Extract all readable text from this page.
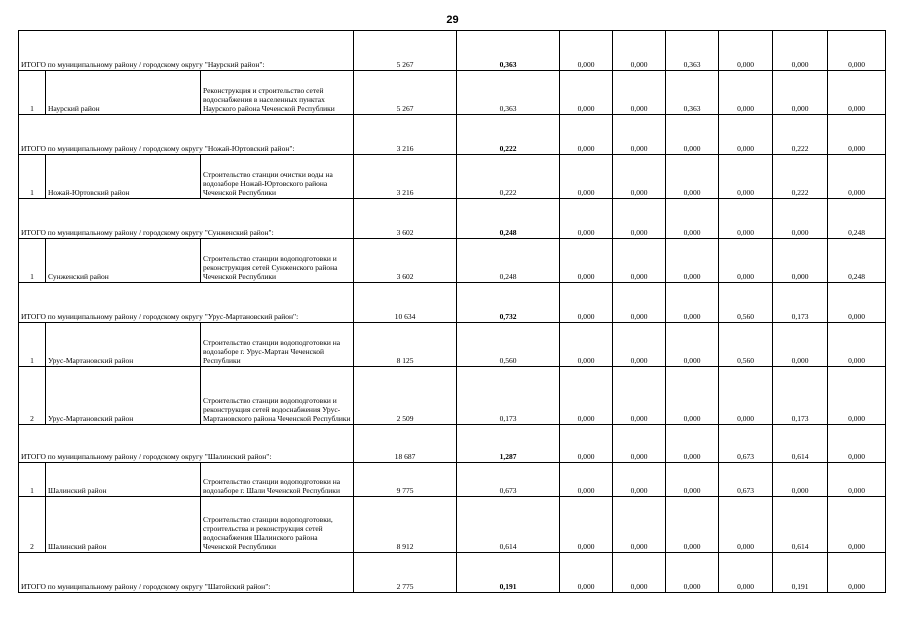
29
ИТОГО по муниципальному району / городскому округу "Наурский район":			5 267	0,363	0,000	0,000	0,363	0,000	0,000	0,000
1	Наурский район	Реконструкция и строительство сетей водоснабжения в населенных пунктах Наурского района Чеченской Республики	5 267	0,363	0,000	0,000	0,363	0,000	0,000	0,000
ИТОГО по муниципальному району / городскому округу "Ножай-Юртовский район":			3 216	0,222	0,000	0,000	0,000	0,000	0,222	0,000
1	Ножай-Юртовский район	Строительство станции очистки воды на водозаборе Ножай-Юртовского района Чеченской Республики	3 216	0,222	0,000	0,000	0,000	0,000	0,222	0,000
ИТОГО по муниципальному району / городскому округу "Сунженский район":			3 602	0,248	0,000	0,000	0,000	0,000	0,000	0,248
1	Сунженский район	Строительство станции водоподготовки и реконструкция сетей Сунженского района Чеченской Республики	3 602	0,248	0,000	0,000	0,000	0,000	0,000	0,248
ИТОГО по муниципальному району / городскому округу "Урус-Мартановский район":			10 634	0,732	0,000	0,000	0,000	0,560	0,173	0,000
1	Урус-Мартановский район	Строительство станции водоподготовки на водозаборе г. Урус-Мартан Чеченской Республики	8 125	0,560	0,000	0,000	0,000	0,560	0,000	0,000
2	Урус-Мартановский район	Строительство станции водоподготовки и реконструкция сетей водоснабжения Урус-Мартановского района Чеченской Республики	2 509	0,173	0,000	0,000	0,000	0,000	0,173	0,000
ИТОГО по муниципальному району / городскому округу "Шалинский район":			18 687	1,287	0,000	0,000	0,000	0,673	0,614	0,000
1	Шалинский район	Строительство станции водоподготовки на водозаборе г. Шали Чеченской Республики	9 775	0,673	0,000	0,000	0,000	0,673	0,000	0,000
2	Шалинский район	Строительство станции водоподготовки, строительства и реконструкция сетей водоснабжения Шалинского района Чеченской Республики	8 912	0,614	0,000	0,000	0,000	0,000	0,614	0,000
ИТОГО по муниципальному району / городскому округу "Шатойский район":			2 775	0,191	0,000	0,000	0,000	0,000	0,191	0,000
